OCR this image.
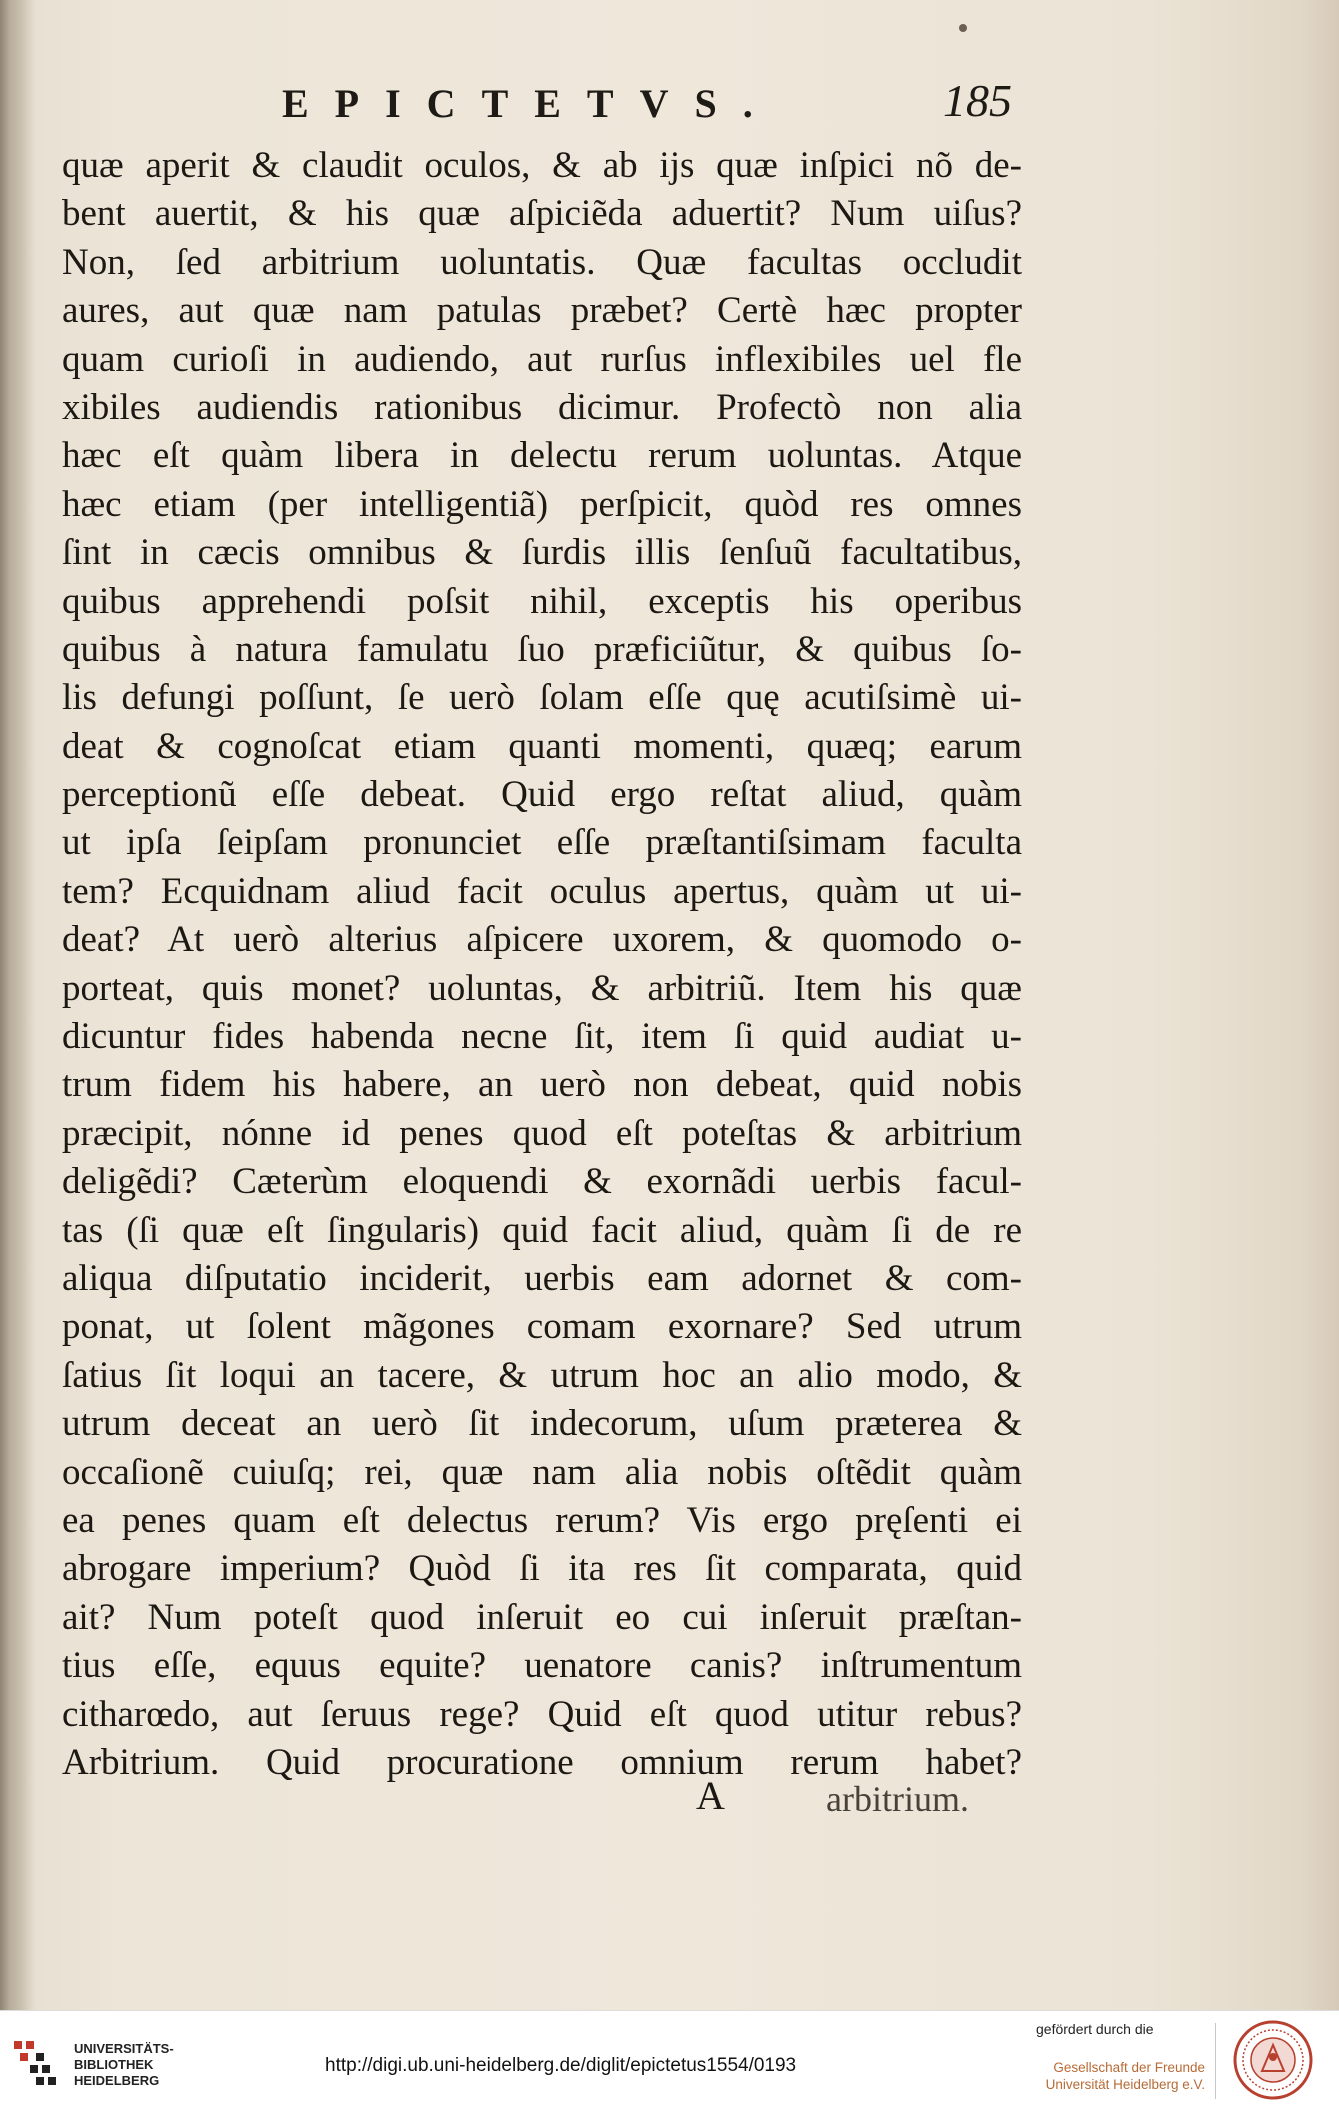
EPICTETVS.	185
quæ aperit & claudit oculos, & ab ijs quæ inſpici nõ de-
bent auertit, & his quæ aſpiciẽda aduertit? Num uiſus?
Non, ſed arbitrium uoluntatis. Quæ facultas occludit
aures, aut quæ nam patulas præbet? Certè hæc propter
quam curioſi in audiendo, aut rurſus inflexibiles uel fle
xibiles audiendis rationibus dicimur. Profectò non alia
hæc eſt quàm libera in delectu rerum uoluntas. Atque
hæc etiam (per intelligentiã) perſpicit, quòd res omnes
ſint in cæcis omnibus & ſurdis illis ſenſuũ facultatibus,
quibus apprehendi poſsit nihil, exceptis his operibus
quibus à natura famulatu ſuo præficiũtur, & quibus ſo-
lis defungi poſſunt, ſe uerò ſolam eſſe quę acutiſsimè ui-
deat & cognoſcat etiam quanti momenti, quæq; earum
perceptionũ eſſe debeat. Quid ergo reſtat aliud, quàm
ut ipſa ſeipſam pronunciet eſſe præſtantiſsimam faculta
tem? Ecquidnam aliud facit oculus apertus, quàm ut ui-
deat? At uerò alterius aſpicere uxorem, & quomodo o-
porteat, quis monet? uoluntas, & arbitriũ. Item his quæ
dicuntur fides habenda necne ſit, item ſi quid audiat u-
trum fidem his habere, an uerò non debeat, quid nobis
præcipit, nónne id penes quod eſt poteſtas & arbitrium
deligẽdi? Cæterùm eloquendi & exornãdi uerbis facul-
tas (ſi quæ eſt ſingularis) quid facit aliud, quàm ſi de re
aliqua diſputatio inciderit, uerbis eam adornet & com-
ponat, ut ſolent mãgones comam exornare? Sed utrum
ſatius ſit loqui an tacere, & utrum hoc an alio modo, &
utrum deceat an uerò ſit indecorum, uſum præterea &
occaſionẽ cuiuſq; rei, quæ nam alia nobis oſtẽdit quàm
ea penes quam eſt delectus rerum? Vis ergo pręſenti ei
abrogare imperium? Quòd ſi ita res ſit comparata, quid
ait? Num poteſt quod inſeruit eo cui inſeruit præſtan-
tius eſſe, equus equite? uenatore canis? inſtrumentum
citharœdo, aut ſeruus rege? Quid eſt quod utitur rebus?
Arbitrium. Quid procuratione omnium rerum habet?
A	arbitrium.
UNIVERSITÄTS-
BIBLIOTHEK
HEIDELBERG
http://digi.ub.uni-heidelberg.de/diglit/epictetus1554/0193
gefördert durch die
Gesellschaft der Freunde
Universität Heidelberg e.V.
